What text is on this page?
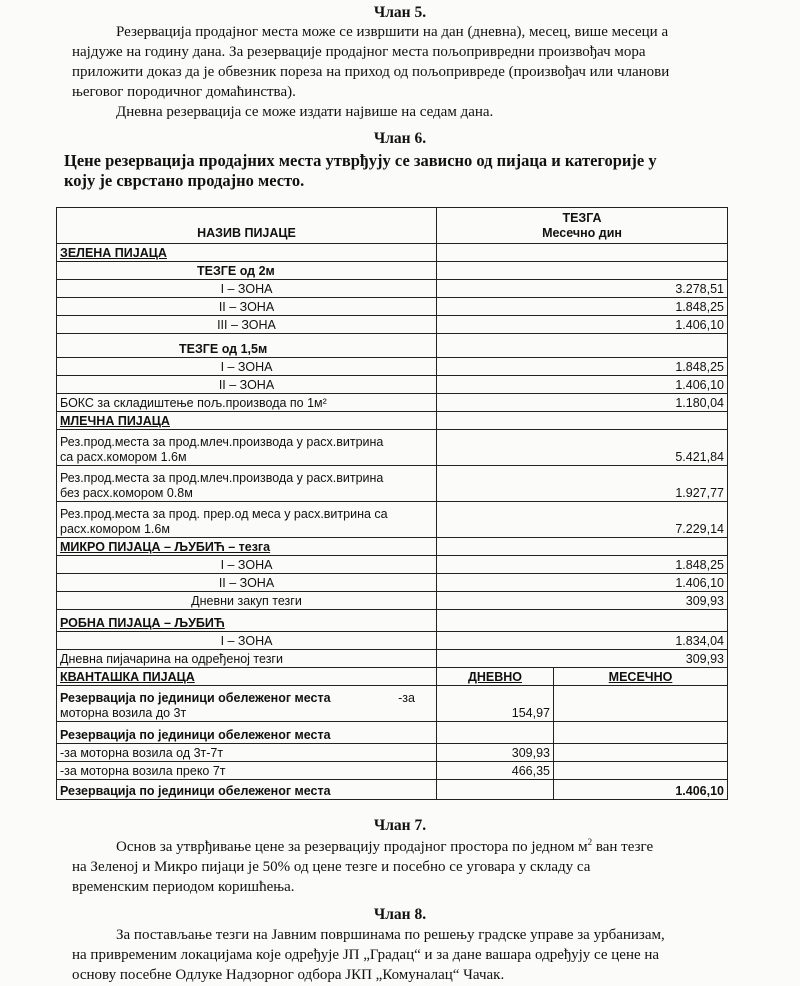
Члан 5.
Резервација продајног места може се извршити на дан (дневна), месец, више месеци а
најдуже на годину дана. За резервације продајног места пољопривредни произвођач мора
приложити доказ да је обвезник пореза на приход од пољопривреде (произвођач или чланови
његовог породичног домаћинства).
Дневна резервација се може издати највише на седам дана.
Члан 6.
Цене резервација продајних места утврђују се зависно од пијаца и категорије у
коју је сврстано продајно место.
НАЗИВ ПИЈАЦЕ	ТЕЗГА
Месечно дин	

ЗЕЛЕНА ПИЈАЦА		
ТЕЗГЕ од 2м		
I – ЗОНА	3.278,51	
II – ЗОНА	1.848,25	
III – ЗОНА	1.406,10	
ТЕЗГЕ од 1,5м		
I – ЗОНА	1.848,25	
II – ЗОНА	1.406,10	
БОКС за складиштење пољ.производа по 1м²	1.180,04	
МЛЕЧНА ПИЈАЦА		

Рез.прод.места за прод.млеч.производа у расх.витрина
са расх.комором 1.6м	5.421,84	

Рез.прод.места за прод.млеч.производа у расх.витрина
без расх.комором 0.8м	1.927,77	

Рез.прод.места за прод. прер.од меса у расх.витрина са
расх.комором 1.6м	7.229,14	
МИКРО ПИЈАЦА – ЉУБИЋ – тезга		
I – ЗОНА	1.848,25	
II – ЗОНА	1.406,10	
Дневни закуп тезги	309,93	
РОБНА ПИЈАЦА – ЉУБИЋ		
I – ЗОНА	1.834,04	
Дневна пијачарина на одређеној тезги	309,93	
КВАНТАШКА ПИЈАЦА	ДНЕВНО	МЕСЕЧНО

Резервација по јединици обележеног места -за
моторна возила до 3т	154,97	
Резервација по јединици обележеног места		
-за моторна возила од 3т-7т	309,93	
-за моторна возила преко 7т	466,35	
Резервација по јединици обележеног места		1.406,10
Члан 7.
Основ за утврђивање цене за резервацију продајног простора по једном $м^2$ ван тезге
на Зеленој и Микро пијаци је 50% од цене тезге и посебно се уговара у складу са
временским периодом коришћења.
Члан 8.
За постављање тезги на Јавним површинама по решењу градске управе за урбанизам,
на привременим локацијама које одређује ЈП „Градац“ и за дане вашара одређују се цене на
основу посебне Одлуке Надзорног одбора ЈКП „Комуналац“ Чачак.
